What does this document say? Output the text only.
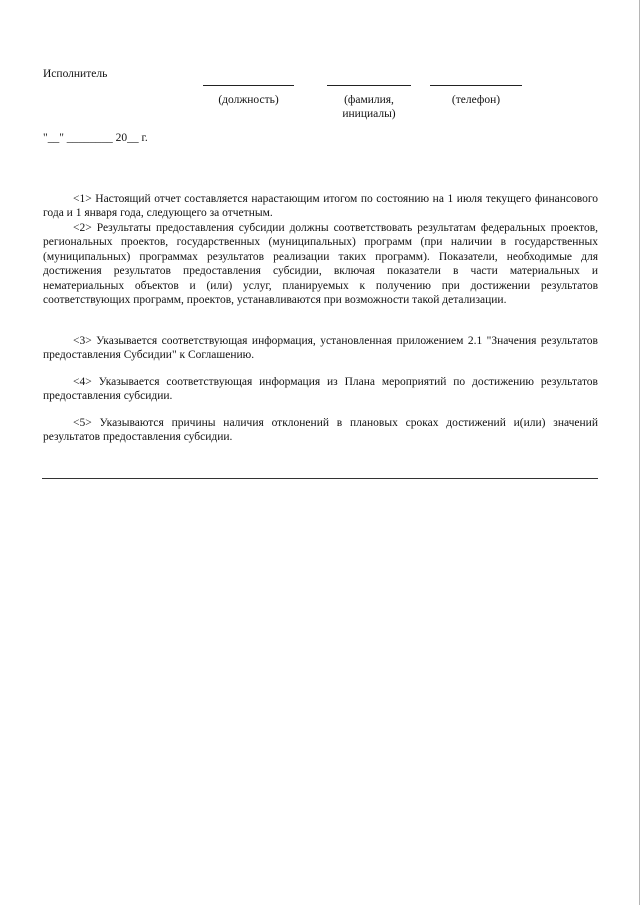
Исполнитель
(должность)	(фамилия,
инициалы)
(телефон)
"__" ________ 20__ г.
<1> Настоящий отчет составляется нарастающим итогом по состоянию на 1 июля текущего финансового года и 1 января года, следующего за отчетным.
<2> Результаты предоставления субсидии должны соответствовать результатам федеральных проектов, региональных проектов, государственных (муниципальных) программ (при наличии в государственных (муниципальных) программах результатов реализации таких программ). Показатели, необходимые для достижения результатов предоставления субсидии, включая показатели в части материальных и нематериальных объектов и (или) услуг, планируемых к получению при достижении результатов соответствующих программ, проектов, устанавливаются при возможности такой детализации.
<3> Указывается соответствующая информация, установленная приложением 2.1 "Значения результатов предоставления Субсидии" к Соглашению.
<4> Указывается соответствующая информация из Плана мероприятий по достижению результатов предоставления субсидии.
<5> Указываются причины наличия отклонений в плановых сроках достижений и(или) значений результатов предоставления субсидии.
